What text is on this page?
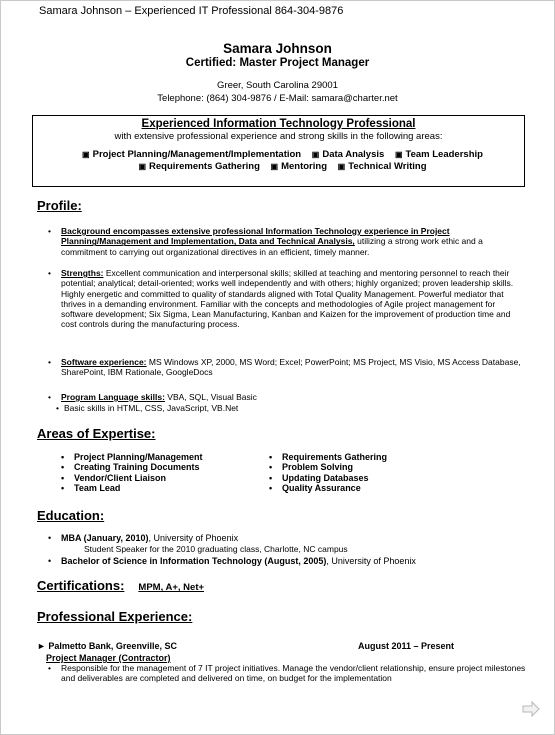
Samara Johnson – Experienced IT Professional 864-304-9876
Samara Johnson
Certified: Master Project Manager
Greer, South Carolina 29001
Telephone: (864) 304-9876 / E-Mail: samara@charter.net
Experienced Information Technology Professional
with extensive professional experience and strong skills in the following areas:
▣ Project Planning/Management/Implementation ▣ Data Analysis ▣ Team Leadership
▣ Requirements Gathering ▣ Mentoring ▣ Technical Writing
Profile:
• Background encompasses extensive professional Information Technology experience in Project Planning/Management and Implementation, Data and Technical Analysis, utilizing a strong work ethic and a commitment to carrying out organizational directives in an efficient, timely manner.
• Strengths: Excellent communication and interpersonal skills; skilled at teaching and mentoring personnel to reach their potential; analytical; detail-oriented; works well independently and with others; highly organized; proven leadership skills. Highly energetic and committed to quality of standards aligned with Total Quality Management. Powerful mediator that thrives in a demanding environment. Familiar with the concepts and methodologies of Agile project management for software development; Six Sigma, Lean Manufacturing, Kanban and Kaizen for the improvement of production time and cost controls during the manufacturing process.
• Software experience: MS Windows XP, 2000, MS Word; Excel; PowerPoint; MS Project, MS Visio, MS Access Database, SharePoint, IBM Rationale, GoogleDocs
• Program Language skills: VBA, SQL, Visual Basic
• Basic skills in HTML, CSS, JavaScript, VB.Net
Areas of Expertise:
• Project Planning/Management
• Creating Training Documents
• Vendor/Client Liaison
• Team Lead
• Requirements Gathering
• Problem Solving
• Updating Databases
• Quality Assurance
Education:
• MBA (January, 2010), University of Phoenix
Student Speaker for the 2010 graduating class, Charlotte, NC campus
• Bachelor of Science in Information Technology (August, 2005), University of Phoenix
Certifications: MPM, A+, Net+
Professional Experience:
► Palmetto Bank, Greenville, SC	August 2011 – Present
Project Manager (Contractor)
• Responsible for the management of 7 IT project initiatives. Manage the vendor/client relationship, ensure project milestones and deliverables are completed and delivered on time, on budget for the implementation
